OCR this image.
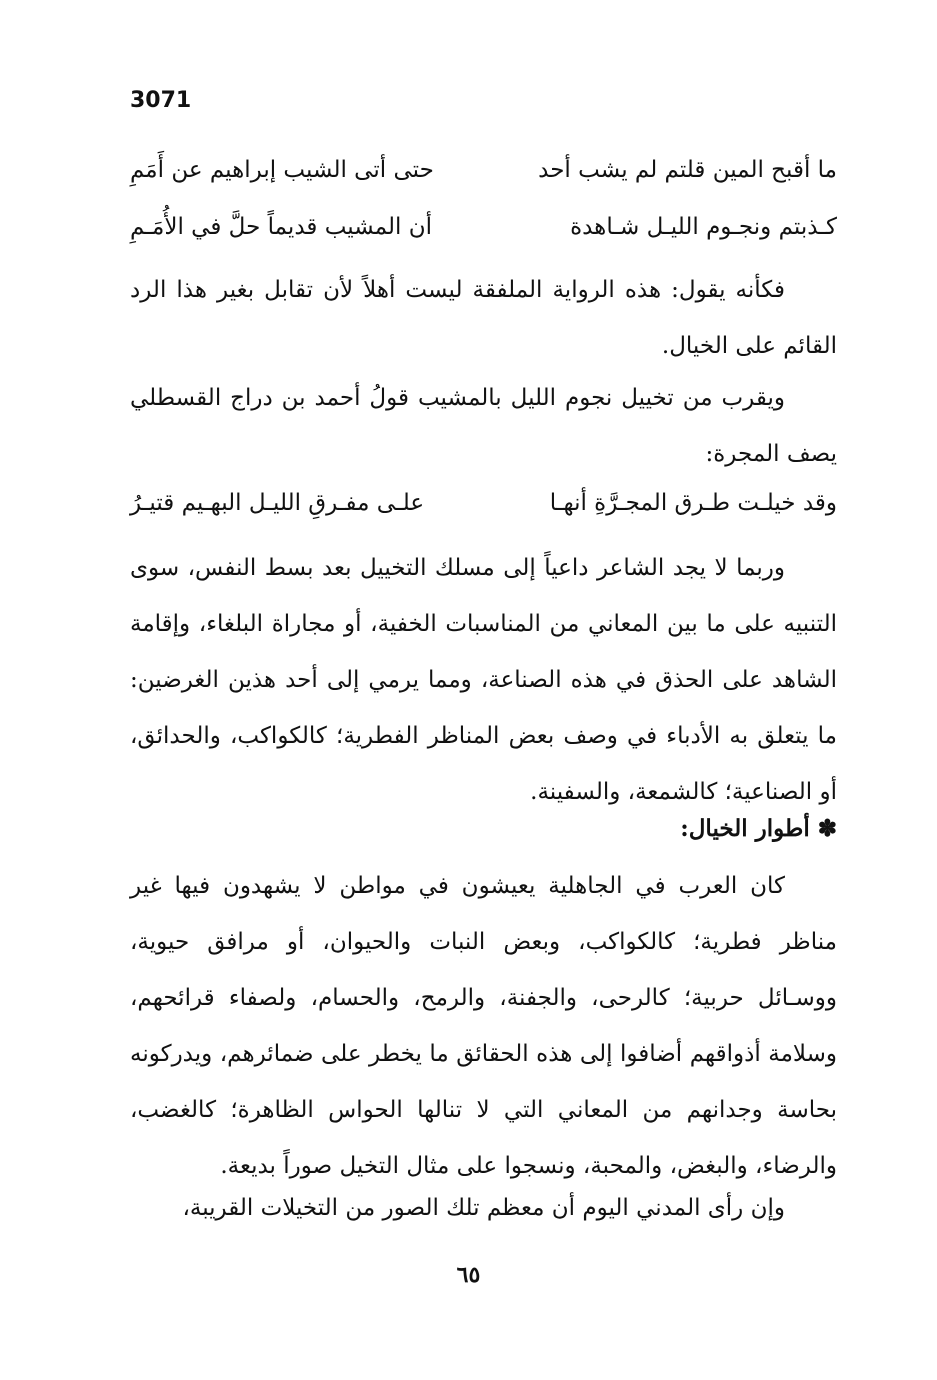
3071
ما أقبح المين قلتم لم يشب أحد
حتى أتى الشيب إبراهيم عن أَمَمِ
كـذبتم ونجـوم الليـل شـاهدة
أن المشيب قديماً حلَّ في الأُمَـمِ

فكأنه يقول: هذه الرواية الملفقة ليست أهلاً لأن تقابل بغير هذا الرد القائم على الخيال.

ويقرب من تخييل نجوم الليل بالمشيب قولُ أحمد بن دراج القسطلي يصف المجرة:

وقد خيلـت طـرق المجـرَّةِ أنهـا
علـى مفـرقِ الليـل البهـيم قتيـرُ

وربما لا يجد الشاعر داعياً إلى مسلك التخييل بعد بسط النفس، سوى التنبيه على ما بين المعاني من المناسبات الخفية، أو مجاراة البلغاء، وإقامة الشاهد على الحذق في هذه الصناعة، ومما يرمي إلى أحد هذين الغرضين: ما يتعلق به الأدباء في وصف بعض المناظر الفطرية؛ كالكواكب، والحدائق، أو الصناعية؛ كالشمعة، والسفينة.

✽ أطوار الخيال:

كان العرب في الجاهلية يعيشون في مواطن لا يشهدون فيها غير مناظر فطرية؛ كالكواكب، وبعض النبات والحيوان، أو مرافق حيوية، ووسـائل حربية؛ كالرحى، والجفنة، والرمح، والحسام، ولصفاء قرائحهم، وسلامة أذواقهم أضافوا إلى هذه الحقائق ما يخطر على ضمائرهم، ويدركونه بحاسة وجدانهم من المعاني التي لا تنالها الحواس الظاهرة؛ كالغضب، والرضاء، والبغض، والمحبة، ونسجوا على مثال التخيل صوراً بديعة.

وإن رأى المدني اليوم أن معظم تلك الصور من التخيلات القريبة،

٦٥
